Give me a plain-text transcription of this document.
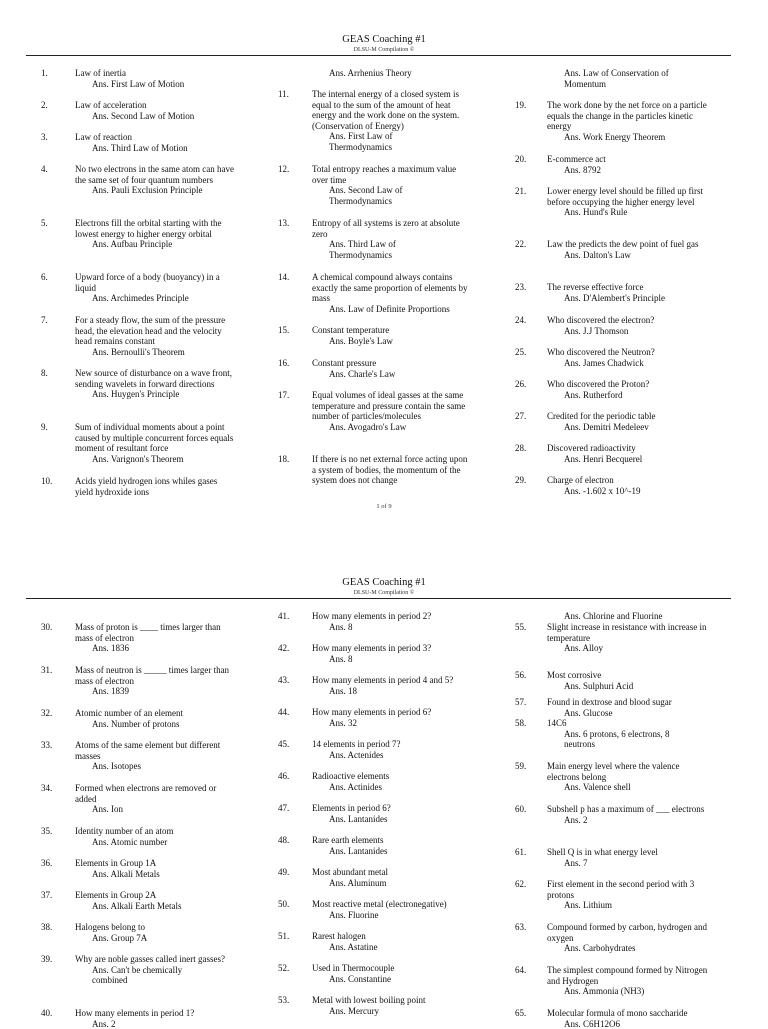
GEAS Coaching #1
DLSU-M Compilation ©
1.	Law of inertia
Ans. First Law of Motion
2.	Law of acceleration
Ans. Second Law of Motion
3.	Law of reaction
Ans. Third Law of Motion
4.	No two electrons in the same atom can have the same set of four quantum numbers
Ans. Pauli Exclusion Principle
5.	Electrons fill the orbital starting with the lowest energy to higher energy orbital
Ans. Aufbau Principle
6.	Upward force of a body (buoyancy) in a liquid
Ans. Archimedes Principle
7.	For a steady flow, the sum of the pressure head, the elevation head and the velocity head remains constant
Ans. Bernoulli's Theorem
8.	New source of disturbance on a wave front, sending wavelets in forward directions
Ans. Huygen's Principle
9.	Sum of individual moments about a point caused by multiple concurrent forces equals moment of resultant force
Ans. Varignon's Theorem
10.	Acids yield hydrogen ions whiles gases yield hydroxide ions
Ans. Arrhenius Theory
11.	The internal energy of a closed system is equal to the sum of the amount of heat energy and the work done on the system. (Conservation of Energy)
Ans. First Law of
Thermodynamics
12.	Total entropy reaches a maximum value over time
Ans. Second Law of
Thermodynamics
13.	Entropy of all systems is zero at absolute zero
Ans. Third Law of
Thermodynamics
14.	A chemical compound always contains exactly the same proportion of elements by mass
Ans. Law of Definite Proportions
15.	Constant temperature
Ans. Boyle's Law
16.	Constant pressure
Ans. Charle's Law
17.	Equal volumes of ideal gasses at the same temperature and pressure contain the same number of particles/molecules
Ans. Avogadro's Law
18.	If there is no net external force acting upon a system of bodies, the momentum of the system does not change
Ans. Law of Conservation of
Momentum
19. The work done by the net force on a particle equals the change in the particles kinetic energy
Ans. Work Energy Theorem
20. E-commerce act
Ans. 8792
21. Lower energy level should be filled up first before occupying the higher energy level
Ans. Hund's Rule
22. Law the predicts the dew point of fuel gas
Ans. Dalton's Law
23. The reverse effective force
Ans. D'Alembert's Principle
24. Who discovered the electron?
Ans. J.J Thomson
25. Who discovered the Neutron?
Ans. James Chadwick
26. Who discovered the Proton?
Ans. Rutherford
27. Credited for the periodic table
Ans. Demitri Medeleev
28. Discovered radioactivity
Ans. Henri Becquerel
29. Charge of electron
Ans. -1.602 x 10^-19
1 of 9
GEAS Coaching #1
DLSU-M Compilation ©
30.	Mass of proton is ____ times larger than mass of electron
Ans. 1836
31.	Mass of neutron is _____ times larger than mass of electron
Ans. 1839
32.	Atomic number of an element
Ans. Number of protons
33.	Atoms of the same element but different masses
Ans. Isotopes
34.	Formed when electrons are removed or added
Ans. Ion
35.	Identity number of an atom
Ans. Atomic number
36.	Elements in Group 1A
Ans. Alkali Metals
37.	Elements in Group 2A
Ans. Alkali Earth Metals
38.	Halogens belong to
Ans. Group 7A
39.	Why are noble gasses called inert gasses?
Ans. Can't be chemically
combined
40.	How many elements in period 1?
Ans. 2
41.	How many elements in period 2?
Ans. 8
42.	How many elements in period 3?
Ans. 8
43.	How many elements in period 4 and 5?
Ans. 18
44.	How many elements in period 6?
Ans. 32
45.	14 elements in period 7?
Ans. Actenides
46.	Radioactive elements
Ans. Actinides
47.	Elements in period 6?
Ans. Lantanides
48.	Rare earth elements
Ans. Lantanides
49.	Most abundant metal
Ans. Aluminum
50.	Most reactive metal (electronegative)
Ans. Fluorine
51.	Rarest halogen
Ans. Astatine
52.	Used in Thermocouple
Ans. Constantine
53.	Metal with lowest boiling point
Ans. Mercury
Ans. Chlorine and Fluorine
55. Slight increase in resistance with increase in temperature
Ans. Alloy
56. Most corrosive
Ans. Sulphuri Acid
57. Found in dextrose and blood sugar
Ans. Glucose
58. 14C6
Ans. 6 protons, 6 electrons, 8
neutrons
59. Main energy level where the valence electrons belong
Ans. Valence shell
60. Subshell p has a maximum of ___ electrons
Ans. 2
61. Shell Q is in what energy level
Ans. 7
62. First element in the second period with 3 protons
Ans. Lithium
63. Compound formed by carbon, hydrogen and oxygen
Ans. Carbohydrates
64. The simplest compound formed by Nitrogen and Hydrogen
Ans. Ammonia (NH3)
65. Molecular formula of mono saccharide
Ans. C6H12O6
